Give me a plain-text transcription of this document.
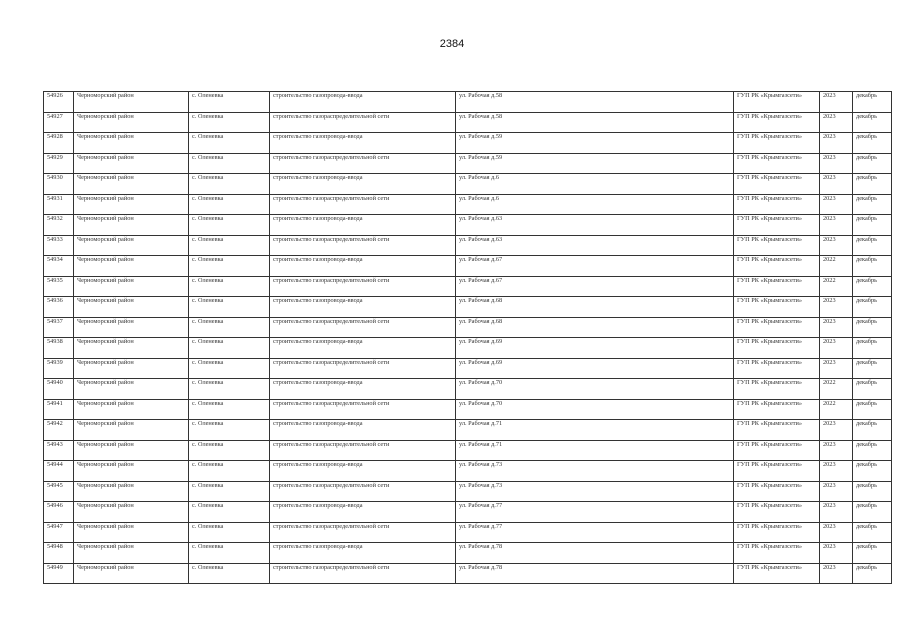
2384
54926	Черноморский район	с. Оленевка	строительство газопровода-ввода	ул. Рабочая д.58	ГУП РК «Крымгазсети»	2023	декабрь
54927	Черноморский район	с. Оленевка	строительство газораспределительной сети	ул. Рабочая д.58	ГУП РК «Крымгазсети»	2023	декабрь
54928	Черноморский район	с. Оленевка	строительство газопровода-ввода	ул. Рабочая д.59	ГУП РК «Крымгазсети»	2023	декабрь
54929	Черноморский район	с. Оленевка	строительство газораспределительной сети	ул. Рабочая д.59	ГУП РК «Крымгазсети»	2023	декабрь
54930	Черноморский район	с. Оленевка	строительство газопровода-ввода	ул. Рабочая д.6	ГУП РК «Крымгазсети»	2023	декабрь
54931	Черноморский район	с. Оленевка	строительство газораспределительной сети	ул. Рабочая д.6	ГУП РК «Крымгазсети»	2023	декабрь
54932	Черноморский район	с. Оленевка	строительство газопровода-ввода	ул. Рабочая д.63	ГУП РК «Крымгазсети»	2023	декабрь
54933	Черноморский район	с. Оленевка	строительство газораспределительной сети	ул. Рабочая д.63	ГУП РК «Крымгазсети»	2023	декабрь
54934	Черноморский район	с. Оленевка	строительство газопровода-ввода	ул. Рабочая д.67	ГУП РК «Крымгазсети»	2022	декабрь
54935	Черноморский район	с. Оленевка	строительство газораспределительной сети	ул. Рабочая д.67	ГУП РК «Крымгазсети»	2022	декабрь
54936	Черноморский район	с. Оленевка	строительство газопровода-ввода	ул. Рабочая д.68	ГУП РК «Крымгазсети»	2023	декабрь
54937	Черноморский район	с. Оленевка	строительство газораспределительной сети	ул. Рабочая д.68	ГУП РК «Крымгазсети»	2023	декабрь
54938	Черноморский район	с. Оленевка	строительство газопровода-ввода	ул. Рабочая д.69	ГУП РК «Крымгазсети»	2023	декабрь
54939	Черноморский район	с. Оленевка	строительство газораспределительной сети	ул. Рабочая д.69	ГУП РК «Крымгазсети»	2023	декабрь
54940	Черноморский район	с. Оленевка	строительство газопровода-ввода	ул. Рабочая д.70	ГУП РК «Крымгазсети»	2022	декабрь
54941	Черноморский район	с. Оленевка	строительство газораспределительной сети	ул. Рабочая д.70	ГУП РК «Крымгазсети»	2022	декабрь
54942	Черноморский район	с. Оленевка	строительство газопровода-ввода	ул. Рабочая д.71	ГУП РК «Крымгазсети»	2023	декабрь
54943	Черноморский район	с. Оленевка	строительство газораспределительной сети	ул. Рабочая д.71	ГУП РК «Крымгазсети»	2023	декабрь
54944	Черноморский район	с. Оленевка	строительство газопровода-ввода	ул. Рабочая д.73	ГУП РК «Крымгазсети»	2023	декабрь
54945	Черноморский район	с. Оленевка	строительство газораспределительной сети	ул. Рабочая д.73	ГУП РК «Крымгазсети»	2023	декабрь
54946	Черноморский район	с. Оленевка	строительство газопровода-ввода	ул. Рабочая д.77	ГУП РК «Крымгазсети»	2023	декабрь
54947	Черноморский район	с. Оленевка	строительство газораспределительной сети	ул. Рабочая д.77	ГУП РК «Крымгазсети»	2023	декабрь
54948	Черноморский район	с. Оленевка	строительство газопровода-ввода	ул. Рабочая д.78	ГУП РК «Крымгазсети»	2023	декабрь
54949	Черноморский район	с. Оленевка	строительство газораспределительной сети	ул. Рабочая д.78	ГУП РК «Крымгазсети»	2023	декабрь
